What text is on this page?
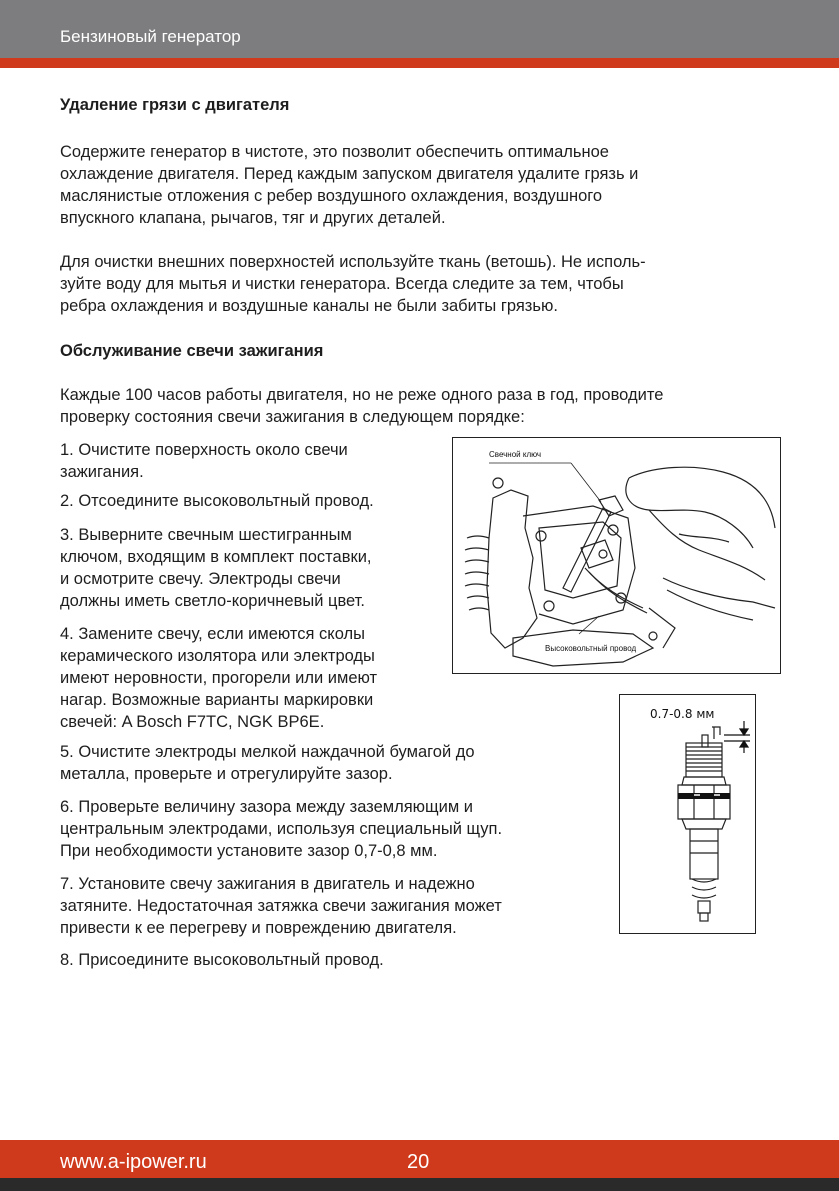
Бензиновый генератор
Удаление грязи с двигателя
Содержите генератор в чистоте, это позволит обеспечить оптимальное
охлаждение двигателя. Перед каждым запуском двигателя удалите грязь и
маслянистые отложения с ребер воздушного охлаждения, воздушного
впускного клапана, рычагов, тяг и других деталей.
Для очистки внешних поверхностей используйте ткань (ветошь). Не исполь-
зуйте воду для мытья и чистки генератора. Всегда следите за тем, чтобы
ребра охлаждения и воздушные каналы не были забиты грязью.
Обслуживание свечи зажигания
Каждые 100 часов работы двигателя, но не реже одного раза в год, проводите
проверку состояния свечи зажигания в следующем порядке:
1. Очистите поверхность около свечи
зажигания.
2. Отсоедините высоковольтный провод.
3. Выверните свечным шестигранным
ключом, входящим в комплект поставки,
и осмотрите свечу. Электроды свечи
должны иметь светло-коричневый цвет.
4. Замените свечу, если имеются сколы
керамического изолятора или электроды
имеют неровности, прогорели или имеют
нагар. Возможные варианты маркировки
свечей: A Bosch F7TC, NGK BP6E.
5. Очистите электроды мелкой наждачной бумагой до
металла, проверьте и отрегулируйте зазор.
6. Проверьте величину зазора между заземляющим и
центральным электродами, используя специальный щуп.
При необходимости установите зазор 0,7-0,8 мм.
7. Установите свечу зажигания в двигатель и надежно
затяните. Недостаточная затяжка свечи зажигания может
привести к ее перегреву и повреждению двигателя.
8. Присоедините высоковольтный провод.
Свечной ключ
Высоковольтный провод
0.7-0.8 мм
www.a-ipower.ru	20
